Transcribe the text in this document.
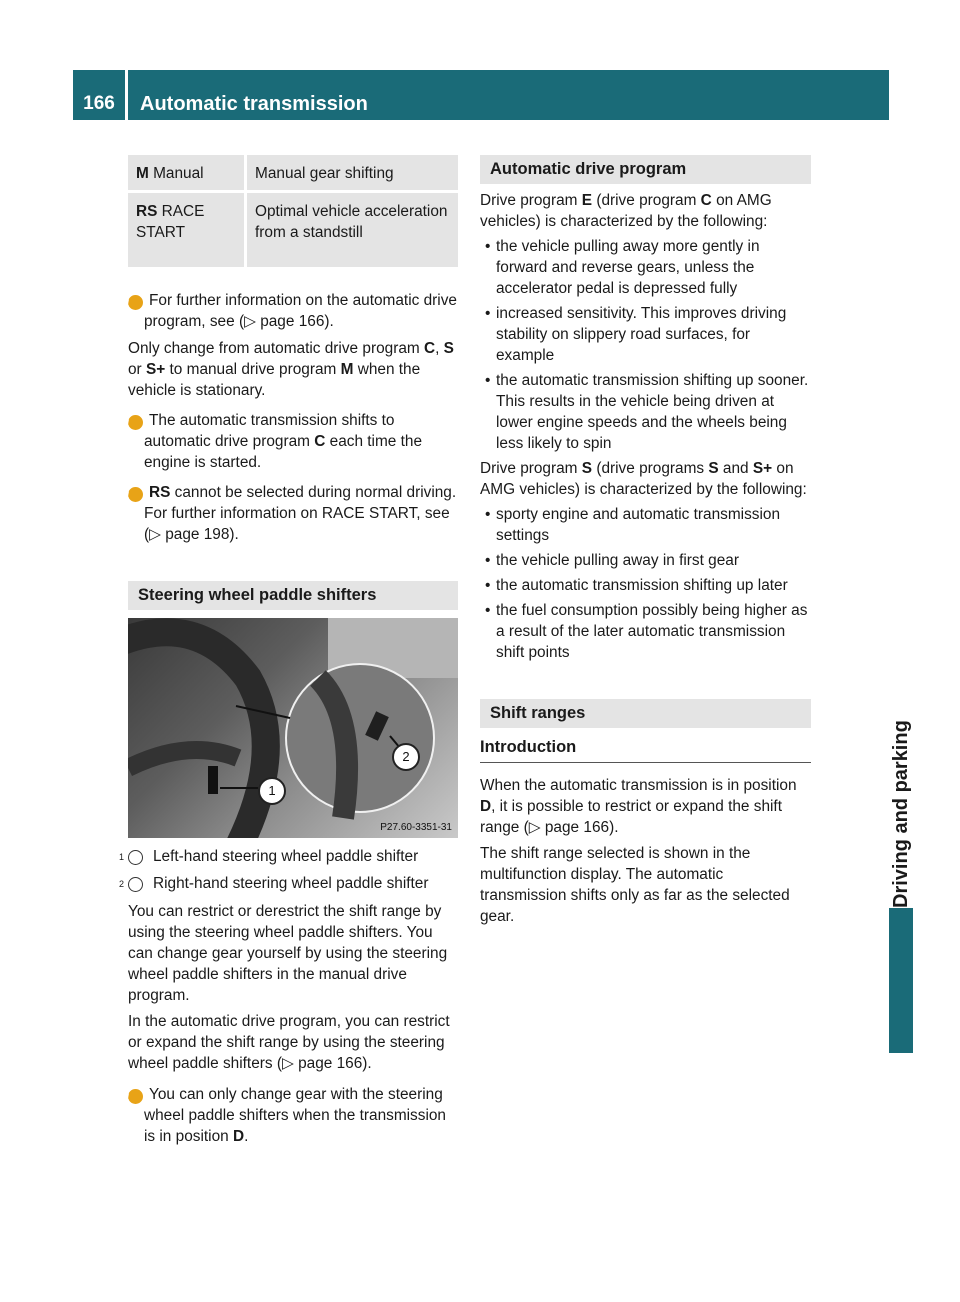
166	Automatic transmission
Driving and parking
M Manual	Manual gear shifting
RS RACE START	Optimal vehicle acceleration from a standstill

i For further information on the automatic drive program, see (▷ page 166).

Only change from automatic drive program C, S or S+ to manual drive program M when the vehicle is stationary.

i The automatic transmission shifts to automatic drive program C each time the engine is started.

i RS cannot be selected during normal driving. For further information on RACE START, see (▷ page 198).

Steering wheel paddle shifters
1
2
P27.60-3351-31

1 Left-hand steering wheel paddle shifter

2 Right-hand steering wheel paddle shifter

You can restrict or derestrict the shift range by using the steering wheel paddle shifters. You can change gear yourself by using the steering wheel paddle shifters in the manual drive program.

In the automatic drive program, you can restrict or expand the shift range by using the steering wheel paddle shifters (▷ page 166).

i You can only change gear with the steering wheel paddle shifters when the transmission is in position D.

Automatic drive program

Drive program E (drive program C on AMG vehicles) is characterized by the following:

• the vehicle pulling away more gently in forward and reverse gears, unless the accelerator pedal is depressed fully
• increased sensitivity. This improves driving stability on slippery road surfaces, for example
• the automatic transmission shifting up sooner. This results in the vehicle being driven at lower engine speeds and the wheels being less likely to spin

Drive program S (drive programs S and S+ on AMG vehicles) is characterized by the following:

• sporty engine and automatic transmission settings
• the vehicle pulling away in first gear
• the automatic transmission shifting up later
• the fuel consumption possibly being higher as a result of the later automatic transmission shift points
Shift ranges
Introduction

When the automatic transmission is in position D, it is possible to restrict or expand the shift range (▷ page 166).

The shift range selected is shown in the multifunction display. The automatic transmission shifts only as far as the selected gear.
